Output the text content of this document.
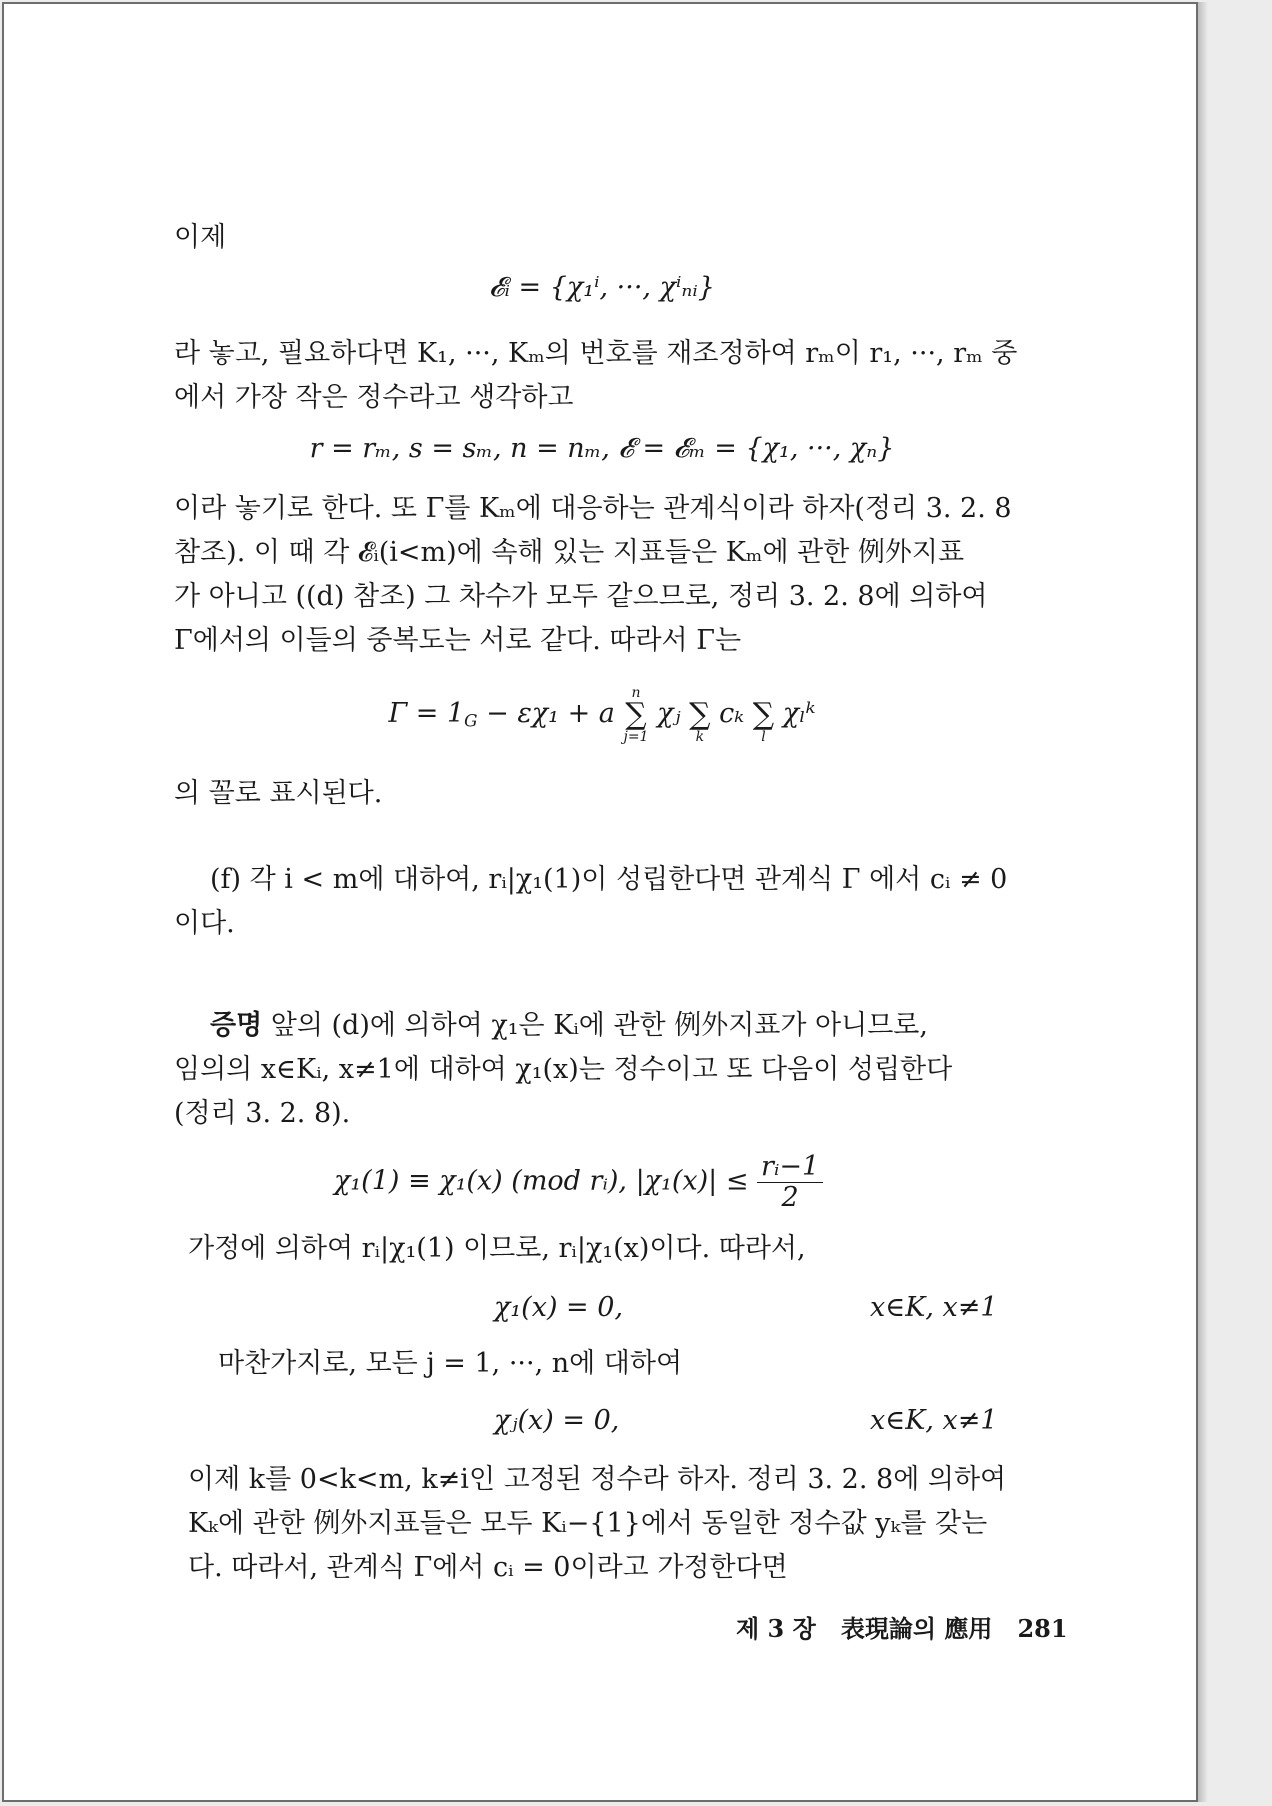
이제
𝓔ᵢ = {χ₁ⁱ, ···, χⁱₙᵢ}
라 놓고, 필요하다면 K₁, ···, Kₘ의 번호를 재조정하여 rₘ이 r₁, ···, rₘ 중
에서 가장 작은 정수라고 생각하고
r = rₘ, s = sₘ, n = nₘ, 𝓔 = 𝓔ₘ = {χ₁, ···, χₙ}
이라 놓기로 한다. 또 Γ를 Kₘ에 대응하는 관계식이라 하자(정리 3. 2. 8
참조). 이 때 각 𝓔ᵢ(i<m)에 속해 있는 지표들은 Kₘ에 관한 例外지표
가 아니고 ((d) 참조) 그 차수가 모두 같으므로, 정리 3. 2. 8에 의하여
Γ에서의 이들의 중복도는 서로 같다. 따라서 Γ는
$\Gamma = 1_G - \varepsilon\chi_1 + a$
n
∑
j=1
χⱼ
∑
k
cₖ
∑
l
χₗᵏ
의 꼴로 표시된다.
(f) 각 i < m에 대하여, rᵢ|χ₁(1)이 성립한다면 관계식 Γ 에서 cᵢ ≠ 0
이다.
증명 앞의 (d)에 의하여 χ₁은 Kᵢ에 관한 例外지표가 아니므로,
임의의 x∈Kᵢ, x≠1에 대하여 χ₁(x)는 정수이고 또 다음이 성립한다
(정리 3. 2. 8).
χ₁(1) ≡ χ₁(x) (mod rᵢ), $|\chi_1(x)| \le \frac{\text{rᵢ−1}}{2}$
가정에 의하여 rᵢ|χ₁(1) 이므로, rᵢ|χ₁(x)이다. 따라서,
χ₁(x) = 0,	x∈K, x≠1
마찬가지로, 모든 j = 1, ···, n에 대하여
χⱼ(x) = 0,	x∈K, x≠1
이제 k를 0<k<m, k≠i인 고정된 정수라 하자. 정리 3. 2. 8에 의하여
Kₖ에 관한 例外지표들은 모두 Kᵢ−{1}에서 동일한 정수값 yₖ를 갖는
다. 따라서, 관계식 Γ에서 cᵢ = 0이라고 가정한다면
제 3 장 表現論의 應用 281
